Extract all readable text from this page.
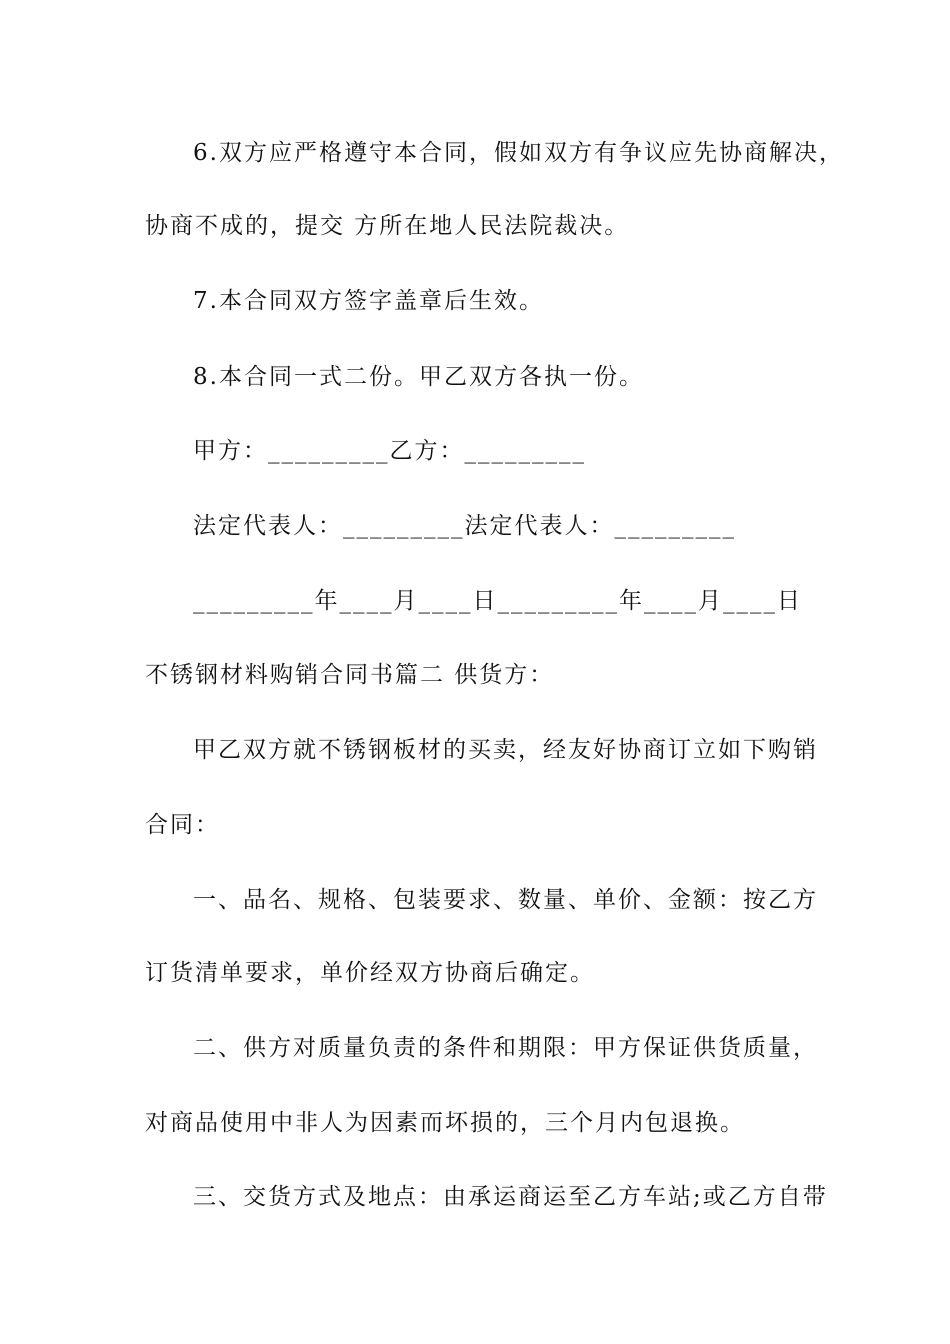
6.双方应严格遵守本合同，假如双方有争议应先协商解决，
协商不成的，提交 方所在地人民法院裁决。
7.本合同双方签字盖章后生效。
8.本合同一式二份。甲乙双方各执一份。
甲方：_________乙方：_________
法定代表人：_________法定代表人：_________
_________年____月____日_________年____月____日
不锈钢材料购销合同书篇二 供货方：
甲乙双方就不锈钢板材的买卖，经友好协商订立如下购销
合同：
一、品名、规格、包装要求、数量、单价、金额：按乙方
订货清单要求，单价经双方协商后确定。
二、供方对质量负责的条件和期限：甲方保证供货质量，
对商品使用中非人为因素而坏损的，三个月内包退换。
三、交货方式及地点：由承运商运至乙方车站;或乙方自带
